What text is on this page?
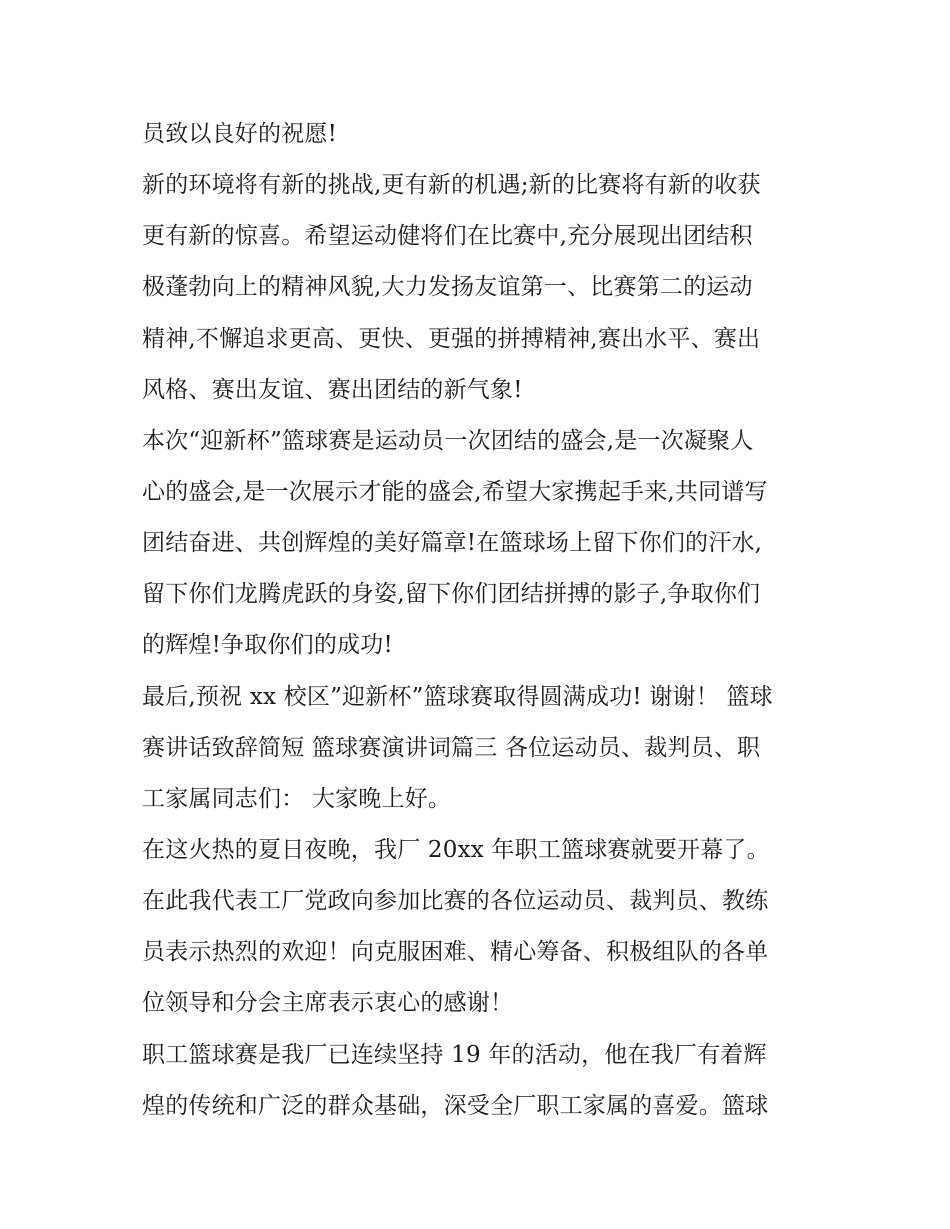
员致以良好的祝愿!
新的环境将有新的挑战,更有新的机遇;新的比赛将有新的收获
更有新的惊喜。希望运动健将们在比赛中,充分展现出团结积
极蓬勃向上的精神风貌,大力发扬友谊第一、比赛第二的运动
精神,不懈追求更高、更快、更强的拼搏精神,赛出水平、赛出
风格、赛出友谊、赛出团结的新气象!
本次“迎新杯”篮球赛是运动员一次团结的盛会,是一次凝聚人
心的盛会,是一次展示才能的盛会,希望大家携起手来,共同谱写
团结奋进、共创辉煌的美好篇章!在篮球场上留下你们的汗水,
留下你们龙腾虎跃的身姿,留下你们团结拼搏的影子,争取你们
的辉煌!争取你们的成功!
最后,预祝 xx 校区”迎新杯”篮球赛取得圆满成功! 谢谢！ 篮球
赛讲话致辞简短 篮球赛演讲词篇三 各位运动员、裁判员、职
工家属同志们： 大家晚上好。
在这火热的夏日夜晚，我厂 20xx 年职工篮球赛就要开幕了。
在此我代表工厂党政向参加比赛的各位运动员、裁判员、教练
员表示热烈的欢迎！向克服困难、精心筹备、积极组队的各单
位领导和分会主席表示衷心的感谢！
职工篮球赛是我厂已连续坚持 19 年的活动，他在我厂有着辉
煌的传统和广泛的群众基础，深受全厂职工家属的喜爱。篮球
